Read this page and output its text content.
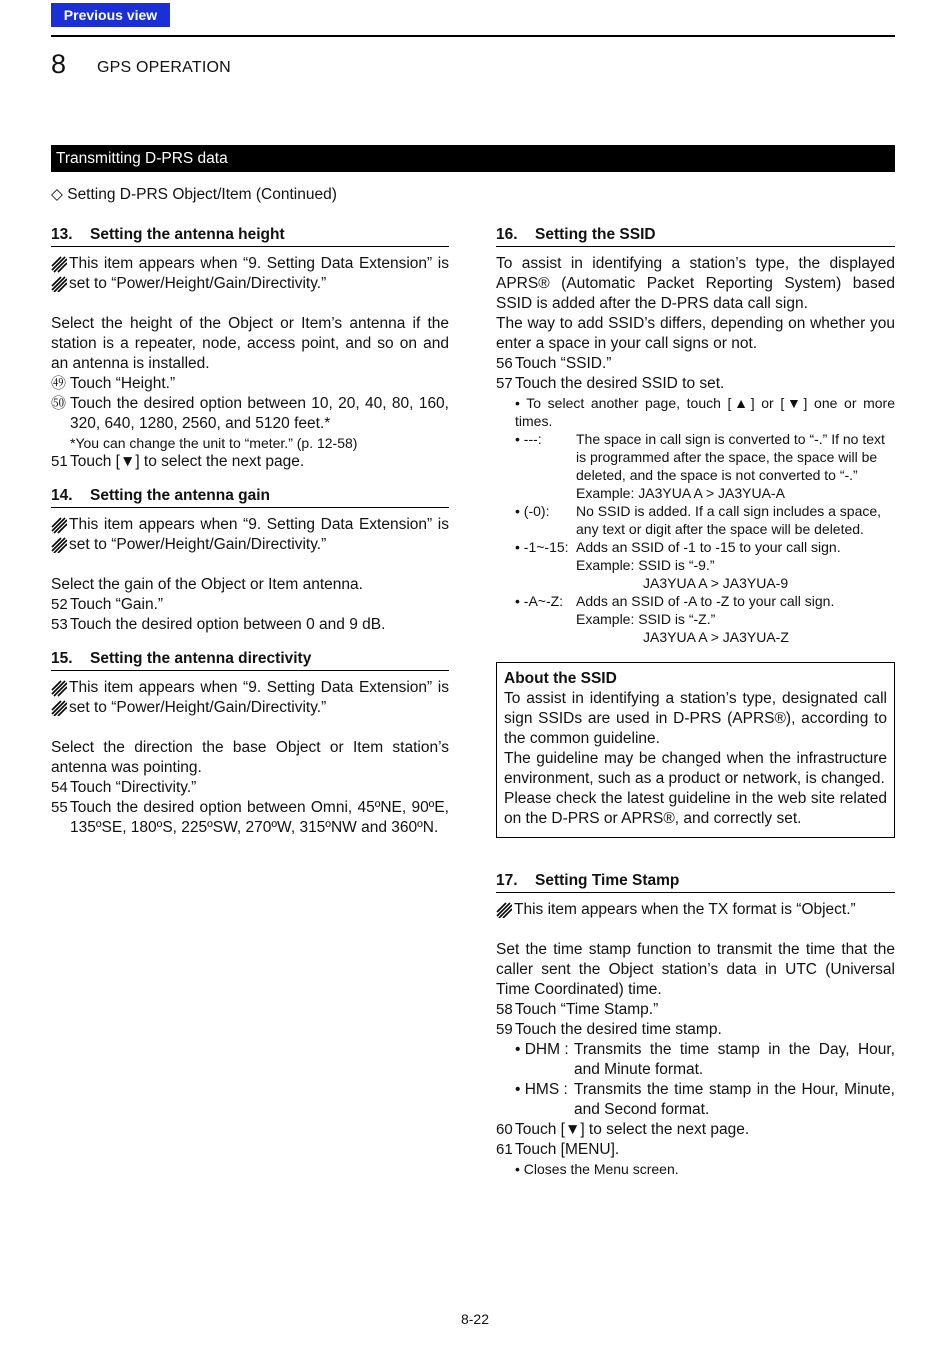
Previous view
8 GPS OPERATION
Transmitting D-PRS data
◇ Setting D-PRS Object/Item (Continued)
13. Setting the antenna height

This item appears when “9. Setting Data Extension” is set to “Power/Height/Gain/Directivity.”

Select the height of the Object or Item’s antenna if the station is a repeater, node, access point, and so on and an antenna is installed.

㊾ Touch “Height.”
㊿ Touch the desired option between 10, 20, 40, 80, 160, 320, 640, 1280, 2560, and 5120 feet.*
*You can change the unit to “meter.” (p. 12-58)
51 Touch [▼] to select the next page.
14. Setting the antenna gain

This item appears when “9. Setting Data Extension” is set to “Power/Height/Gain/Directivity.”

Select the gain of the Object or Item antenna.

52 Touch “Gain.”
53 Touch the desired option between 0 and 9 dB.
15. Setting the antenna directivity

This item appears when “9. Setting Data Extension” is set to “Power/Height/Gain/Directivity.”

Select the direction the base Object or Item station’s antenna was pointing.

54 Touch “Directivity.”
55 Touch the desired option between Omni, 45ºNE, 90ºE, 135ºSE, 180ºS, 225ºSW, 270ºW, 315ºNW and 360ºN.
16. Setting the SSID

To assist in identifying a station’s type, the displayed APRS® (Automatic Packet Reporting System) based SSID is added after the D-PRS data call sign.

The way to add SSID’s differs, depending on whether you enter a space in your call signs or not.

56 Touch “SSID.”
57 Touch the desired SSID to set.
• To select another page, touch [▲] or [▼] one or more times.
• ---:	The space in call sign is converted to “-.” If no text is programmed after the space, the space will be deleted, and the space is not converted to “-.”

Example: JA3YUA A > JA3YUA-A
• (-0):	No SSID is added. If a call sign includes a space, any text or digit after the space will be deleted.

• -1~-15: Adds an SSID of -1 to -15 to your call sign.

Example: SSID is “-9.”
JA3YUA A > JA3YUA-9
• -A~-Z: Adds an SSID of -A to -Z to your call sign.

Example: SSID is “-Z.”
JA3YUA A > JA3YUA-Z
About the SSID

To assist in identifying a station’s type, designated call sign SSIDs are used in D-PRS (APRS®), according to the common guideline.

The guideline may be changed when the infrastructure environment, such as a product or network, is changed.

Please check the latest guideline in the web site related on the D-PRS or APRS®, and correctly set.

17. Setting Time Stamp

This item appears when the TX format is “Object.”

Set the time stamp function to transmit the time that the caller sent the Object station’s data in UTC (Universal Time Coordinated) time.

58 Touch “Time Stamp.”
59 Touch the desired time stamp.
• DHM : Transmits the time stamp in the Day, Hour, and Minute format.
• HMS : Transmits the time stamp in the Hour, Minute, and Second format.
60 Touch [▼] to select the next page.
61 Touch [MENU].
• Closes the Menu screen.
8-22
